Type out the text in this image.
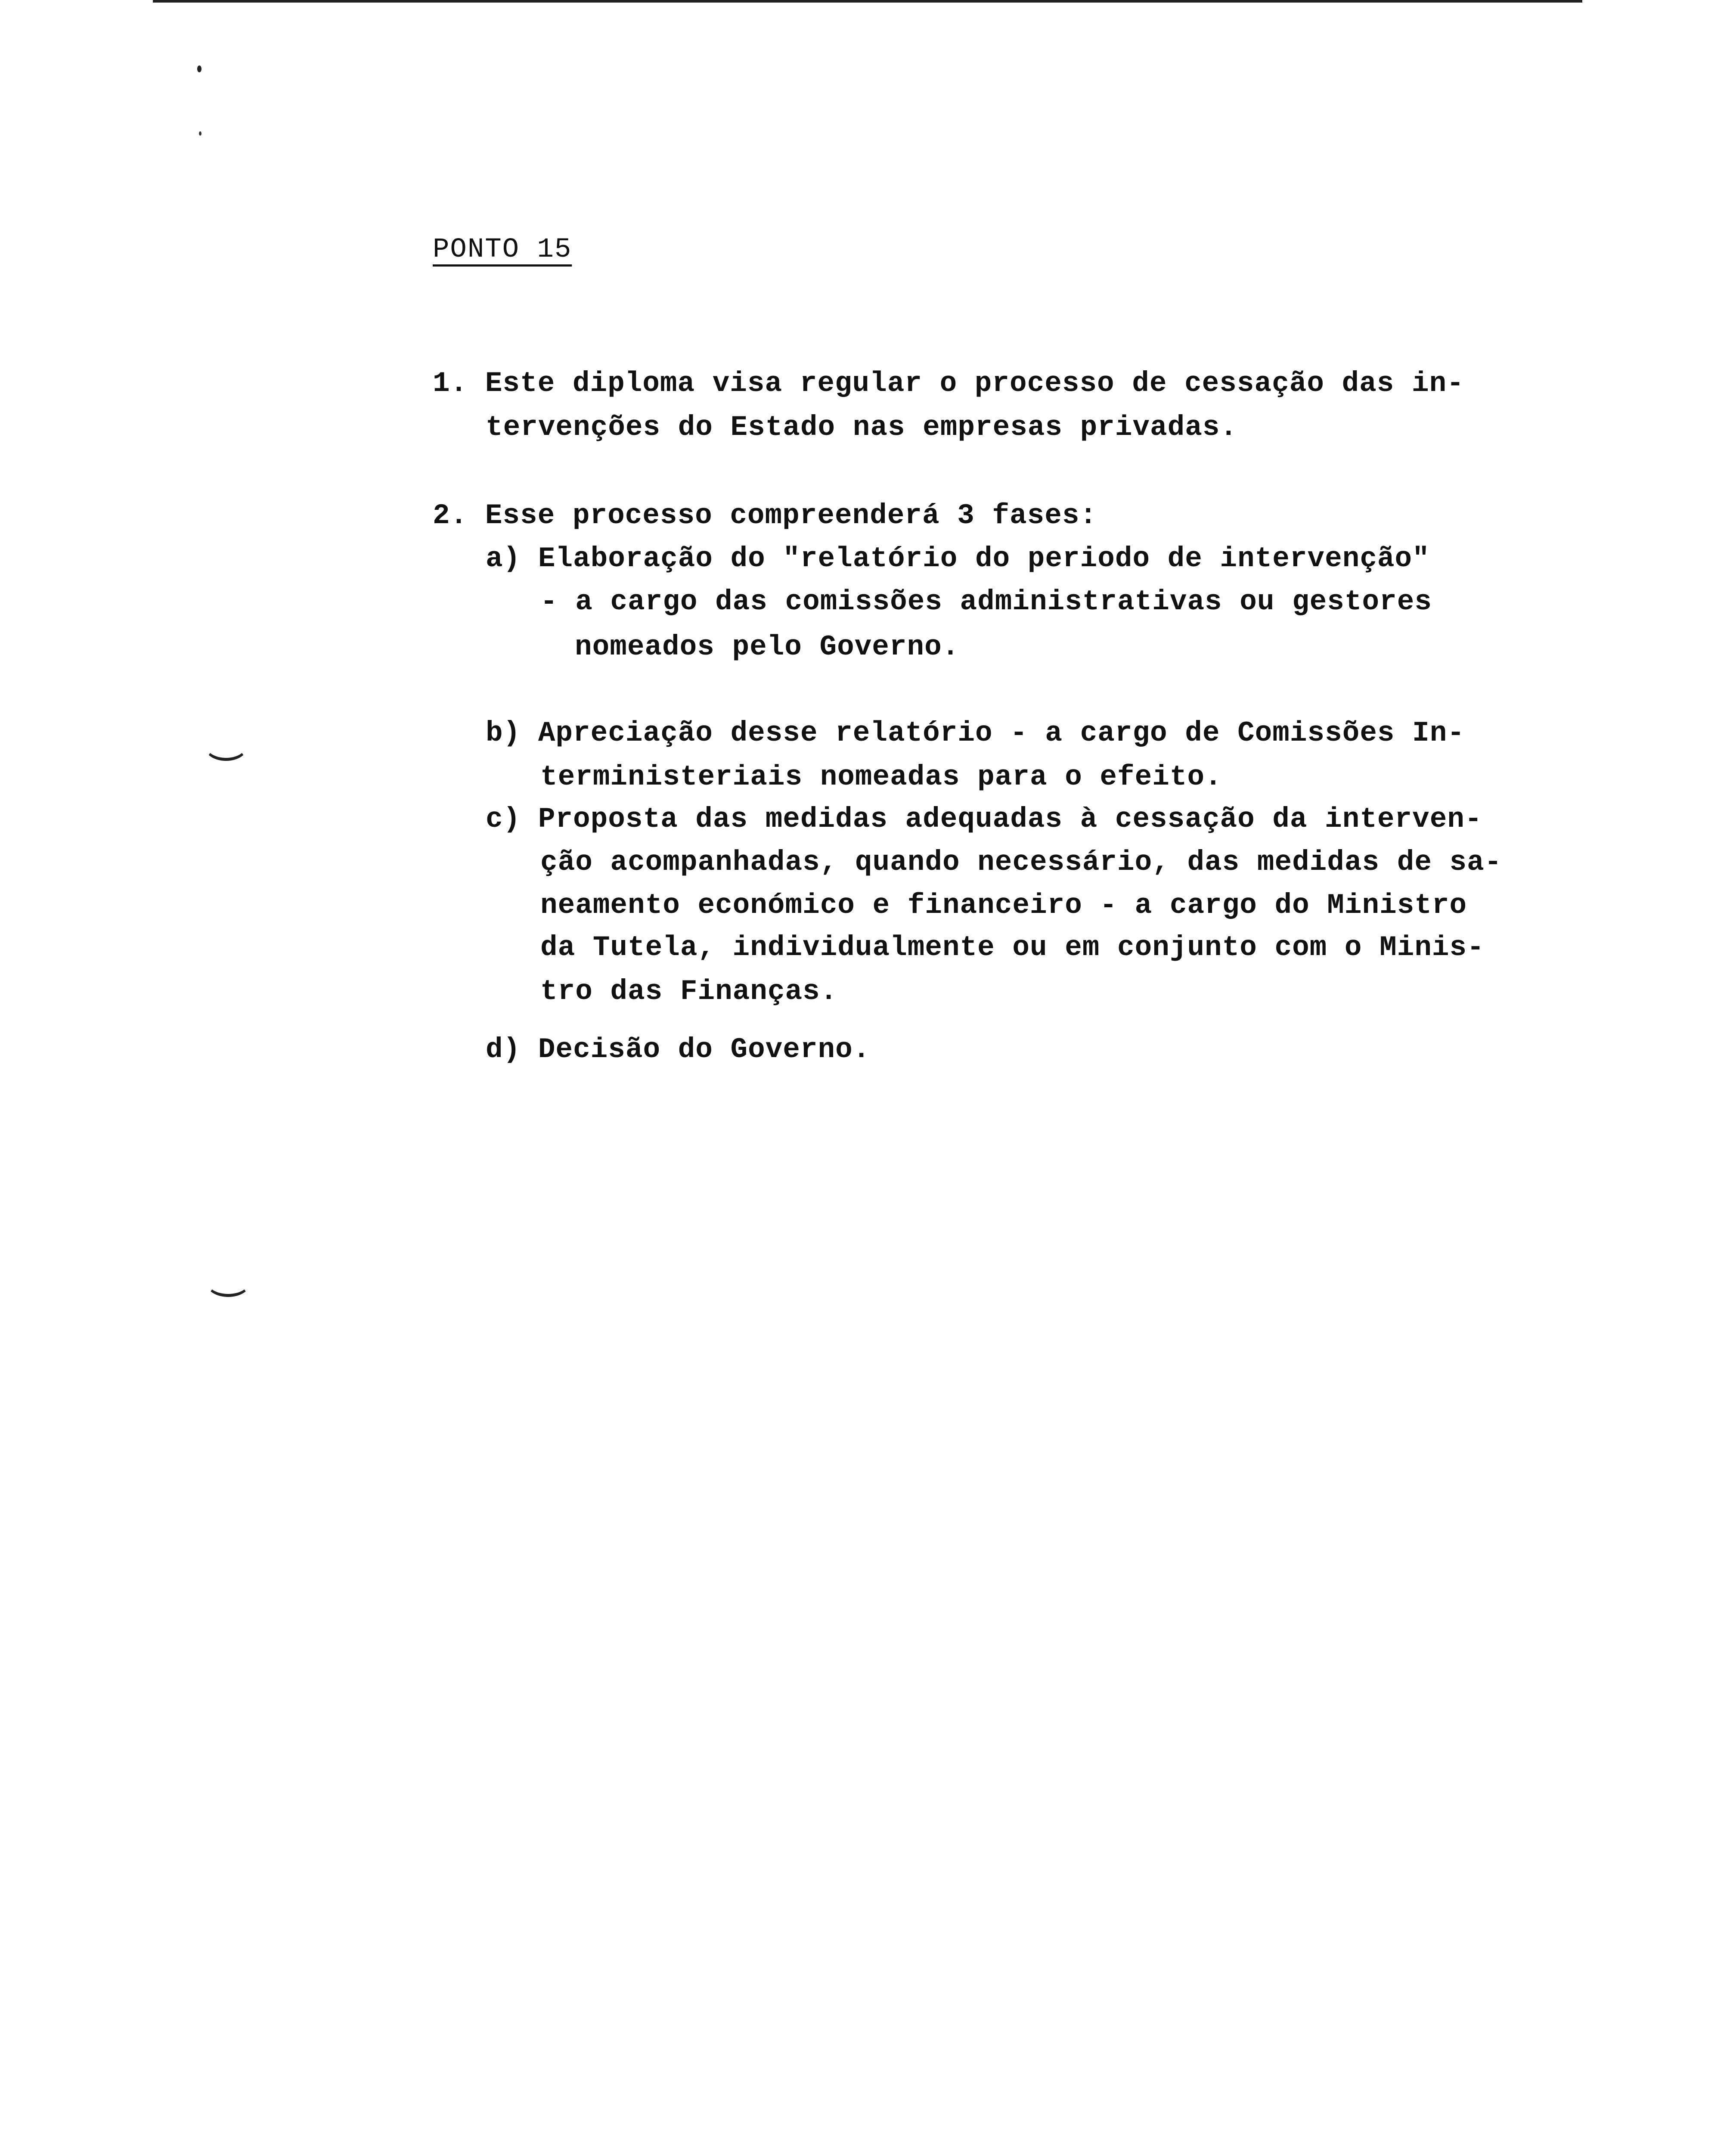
PONTO 15
1. Este diploma visa regular o processo de cessação das in-
tervenções do Estado nas empresas privadas.
2. Esse processo compreenderá 3 fases:
a) Elaboração do "relatório do periodo de intervenção"
- a cargo das comissões administrativas ou gestores
nomeados pelo Governo.
b) Apreciação desse relatório - a cargo de Comissões In-
terministeriais nomeadas para o efeito.
c) Proposta das medidas adequadas à cessação da interven-
ção acompanhadas, quando necessário, das medidas de sa-
neamento económico e financeiro - a cargo do Ministro
da Tutela, individualmente ou em conjunto com o Minis-
tro das Finanças.
d) Decisão do Governo.
